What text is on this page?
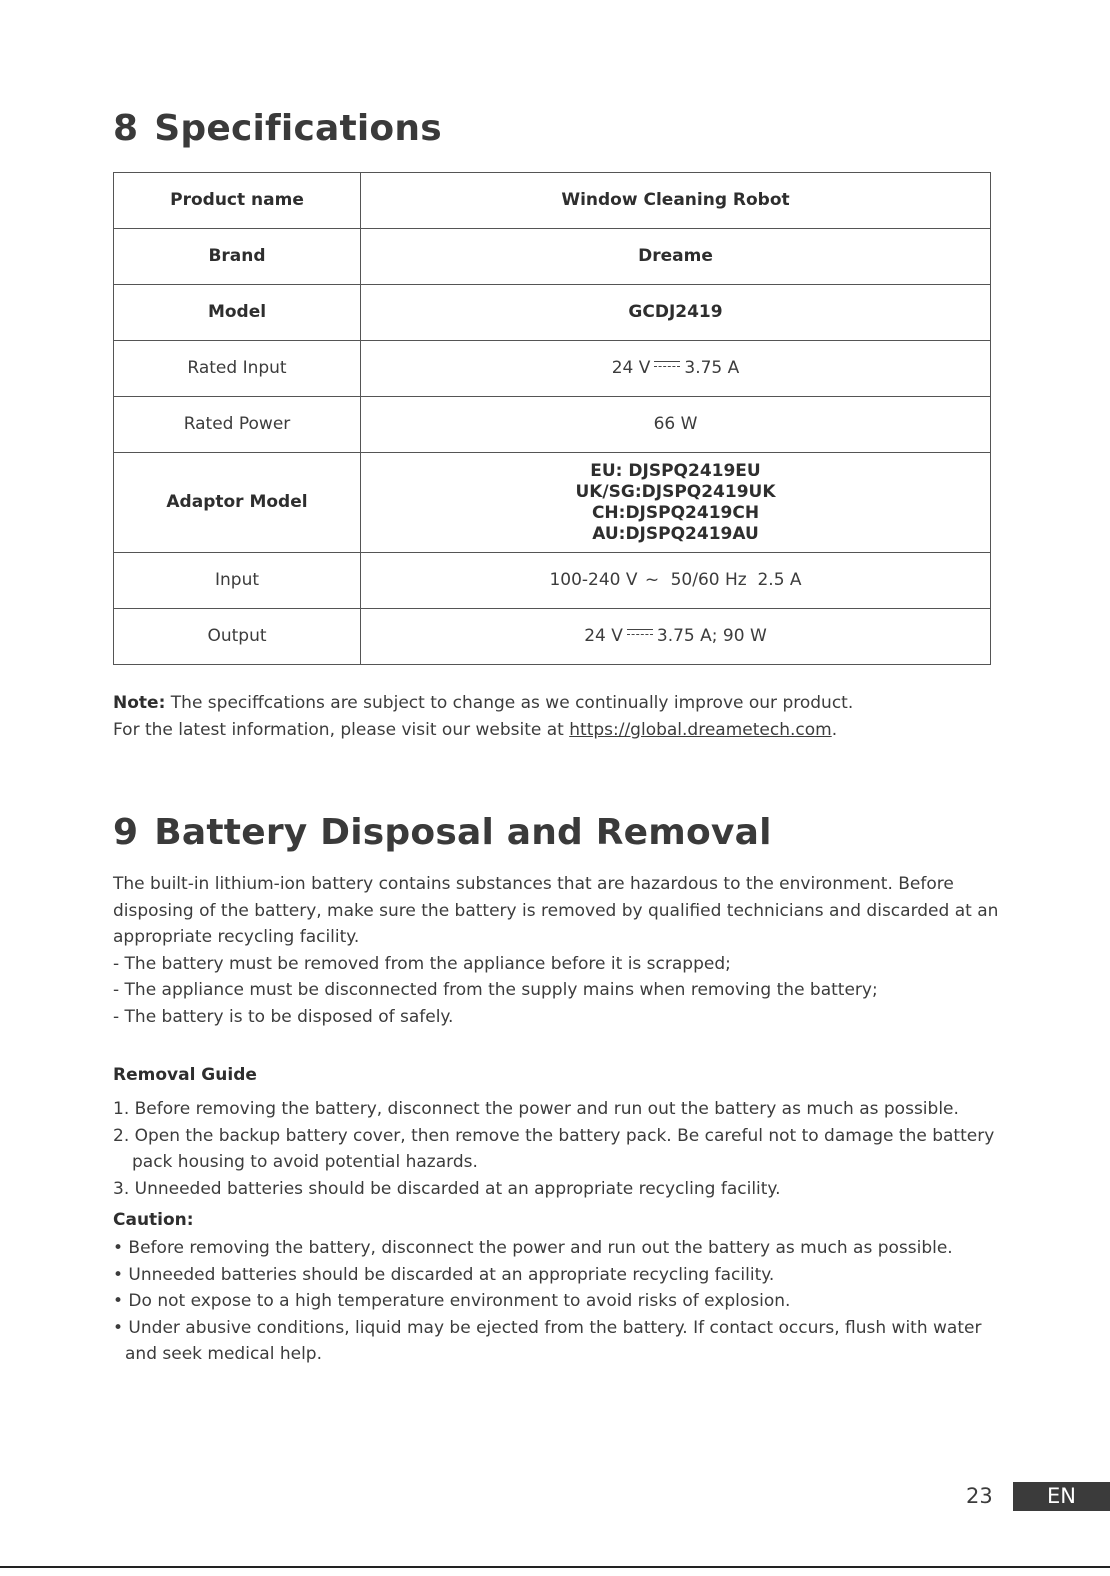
8 Specifications
Product name	Window Cleaning Robot
Brand	Dreame
Model	GCDJ2419
Rated Input	24 V 3.75 A
Rated Power	66 W
Adaptor Model	EU: DJSPQ2419EU
UK/SG:DJSPQ2419UK
CH:DJSPQ2419CH
AU:DJSPQ2419AU

Input	100-240 V ~ 50/60 Hz  2.5 A
Output	24 V 3.75 A; 90 W

Note: The speciffcations are subject to change as we continually improve our product.

For the latest information, please visit our website at https://global.dreametech.com.

9 Battery Disposal and Removal

The built-in lithium-ion battery contains substances that are hazardous to the environment. Before

disposing of the battery, make sure the battery is removed by qualified technicians and discarded at an

appropriate recycling facility.

- The battery must be removed from the appliance before it is scrapped;

- The appliance must be disconnected from the supply mains when removing the battery;

- The battery is to be disposed of safely.

Removal Guide

1. Before removing the battery, disconnect the power and run out the battery as much as possible.

2. Open the backup battery cover, then remove the battery pack. Be careful not to damage the battery

pack housing to avoid potential hazards.

3. Unneeded batteries should be discarded at an appropriate recycling facility.

Caution:

• Before removing the battery, disconnect the power and run out the battery as much as possible.

• Unneeded batteries should be discarded at an appropriate recycling facility.

• Do not expose to a high temperature environment to avoid risks of explosion.

• Under abusive conditions, liquid may be ejected from the battery. If contact occurs, flush with water

and seek medical help.

23	EN
